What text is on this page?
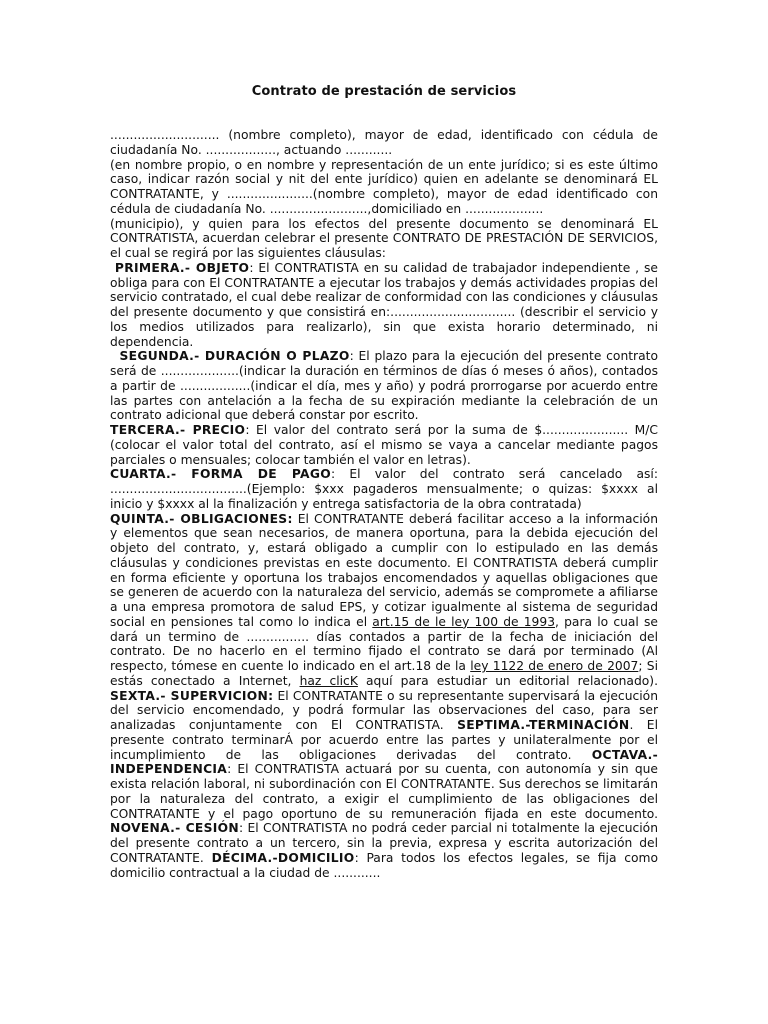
Contrato de prestación de servicios

............................ (nombre completo), mayor de edad, identificado con cédula de ciudadanía No. .................., actuando ............

(en nombre propio, o en nombre y representación de un ente jurídico; si es este último caso, indicar razón social y nit del ente jurídico) quien en adelante se denominará EL CONTRATANTE, y ......................(nombre completo), mayor de edad identificado con cédula de ciudadanía No. .........................,domiciliado en ....................

(municipio), y quien para los efectos del presente documento se denominará EL CONTRATISTA, acuerdan celebrar el presente CONTRATO DE PRESTACIÓN DE SERVICIOS, el cual se regirá por las siguientes cláusulas:

PRIMERA.- OBJETO: El CONTRATISTA en su calidad de trabajador independiente , se obliga para con El CONTRATANTE a ejecutar los trabajos y demás actividades propias del servicio contratado, el cual debe realizar de conformidad con las condiciones y cláusulas del presente documento y que consistirá en:................................ (describir el servicio y los medios utilizados para realizarlo), sin que exista horario determinado, ni dependencia.

SEGUNDA.- DURACIÓN O PLAZO: El plazo para la ejecución del presente contrato será de ....................(indicar la duración en términos de días ó meses ó años), contados a partir de ..................(indicar el día, mes y año) y podrá prorrogarse por acuerdo entre las partes con antelación a la fecha de su expiración mediante la celebración de un contrato adicional que deberá constar por escrito.

TERCERA.- PRECIO: El valor del contrato será por la suma de $...................... M/C (colocar el valor total del contrato, así el mismo se vaya a cancelar mediante pagos parciales o mensuales; colocar también el valor en letras).

CUARTA.- FORMA DE PAGO: El valor del contrato será cancelado así: ...................................(Ejemplo: $xxx pagaderos mensualmente; o quizas: $xxxx al inicio y $xxxx al la finalización y entrega satisfactoria de la obra contratada)

QUINTA.- OBLIGACIONES: El CONTRATANTE deberá facilitar acceso a la información y elementos que sean necesarios, de manera oportuna, para la debida ejecución del objeto del contrato, y, estará obligado a cumplir con lo estipulado en las demás cláusulas y condiciones previstas en este documento. El CONTRATISTA deberá cumplir en forma eficiente y oportuna los trabajos encomendados y aquellas obligaciones que se generen de acuerdo con la naturaleza del servicio, además se compromete a afiliarse a una empresa promotora de salud EPS, y cotizar igualmente al sistema de seguridad social en pensiones tal como lo indica el art.15 de le ley 100 de 1993, para lo cual se dará un termino de ................ días contados a partir de la fecha de iniciación del contrato. De no hacerlo en el termino fijado el contrato se dará por terminado (Al respecto, tómese en cuente lo indicado en el art.18 de la ley 1122 de enero de 2007; Si estás conectado a Internet, haz clicK aquí para estudiar un editorial relacionado). SEXTA.- SUPERVICION: El CONTRATANTE o su representante supervisará la ejecución del servicio encomendado, y podrá formular las observaciones del caso, para ser analizadas conjuntamente con El CONTRATISTA. SEPTIMA.-TERMINACIÓN. El presente contrato terminarÁ por acuerdo entre las partes y unilateralmente por el incumplimiento de las obligaciones derivadas del contrato. OCTAVA.- INDEPENDENCIA: El CONTRATISTA actuará por su cuenta, con autonomía y sin que exista relación laboral, ni subordinación con El CONTRATANTE. Sus derechos se limitarán por la naturaleza del contrato, a exigir el cumplimiento de las obligaciones del CONTRATANTE y el pago oportuno de su remuneración fijada en este documento. NOVENA.- CESIÓN: El CONTRATISTA no podrá ceder parcial ni totalmente la ejecución del presente contrato a un tercero, sin la previa, expresa y escrita autorización del CONTRATANTE. DÉCIMA.-DOMICILIO: Para todos los efectos legales, se fija como domicilio contractual a la ciudad de ............
